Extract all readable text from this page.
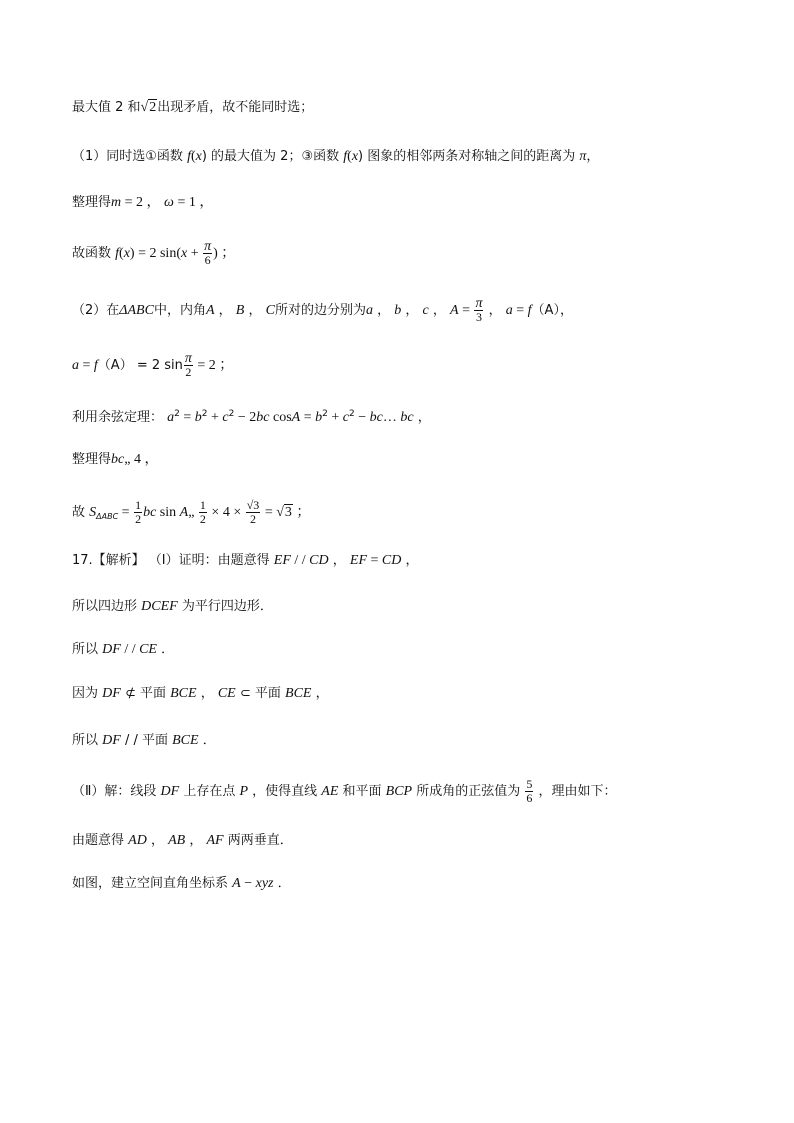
最大值 2 和√2出现矛盾，故不能同时选；
（1）同时选①函数 f(x) 的最大值为 2；③函数 f(x) 图象的相邻两条对称轴之间的距离为 π，
整理得m = 2 ， ω = 1 ，
故函数 f(x) = 2 $\sin(x + \frac{\pi}{6}$ ) ；
（2）在ΔABC中，内角A ， B ， C所对的边分别为a ， b ， c ， $A = \frac{\pi}{3}$ ， a = f（A），
a = f（A） = 2 $\sin \frac{\pi}{2} = 2$ ；
利用余弦定理： $a^2 = b^2 + c^2 - 2bc$ $\cos A = b^2 + c^2$ − bc… bc ，
整理得bc„ 4 ，
故 $S_{\Delta ABC} = \frac{1}{2}$ bc sin A„ $\frac{1}{2} \times 4 \times \frac{√3}{2} = √3$ ；
17.【解析】 （Ⅰ）证明：由题意得 EF / / CD ， EF = CD ，
所以四边形 DCEF 为平行四边形．
所以 DF / / CE ．
因为 DF ⊄ 平面 BCE ， CE ⊂ 平面 BCE ，
所以 DF / / 平面 BCE ．
（Ⅱ）解：线段 DF 上存在点 P ，使得直线 AE 和平面 BCP 所成角的正弦值为 $\frac{5}{6}$ ，理由如下：
由题意得 AD ， AB ， AF 两两垂直．
如图，建立空间直角坐标系 A − xyz ．
